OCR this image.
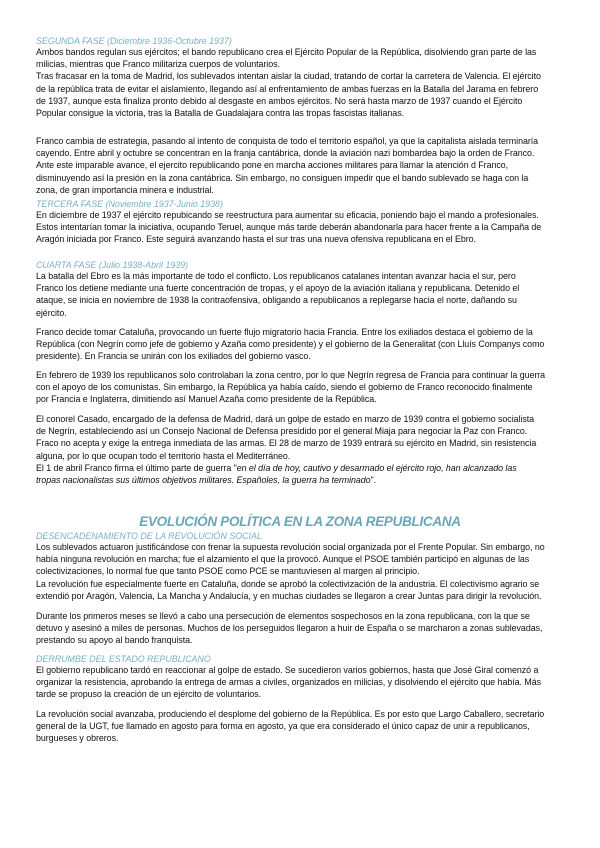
SEGUNDA FASE (Diciembre 1936-Octubre 1937)
Ambos bandos regulan sus ejércitos; el bando republicano crea el Ejército Popular de la República, disolviendo gran parte de las
milicias, mientras que Franco militariza cuerpos de voluntarios.
Tras fracasar en la toma de Madrid, los sublevados intentan aislar la ciudad, tratando de cortar la carretera de Valencia. El ejército
de la república trata de evitar el aislamiento, llegando así al enfrentamiento de ambas fuerzas en la Batalla del Jarama en febrero
de 1937, aunque esta finaliza pronto debido al desgaste en ambos ejércitos. No será hasta marzo de 1937 cuando el Ejército
Popular consigue la victoria, tras la Batalla de Guadalajara contra las tropas fascistas italianas.
Franco cambia de estrategia, pasando al intento de conquista de todo el territorio español, ya que la capitalista aislada terminaría
cayendo. Entre abril y octubre se concentran en la franja cantábrica, donde la aviación nazi bombardea bajo la orden de Franco.
Ante este imparable avance, el ejercito republicando pone en marcha acciones militares para llamar la atención d Franco,
disminuyendo así la presión en la zona cantábrica. Sin embargo, no consiguen impedir que el bando sublevado se haga con la
zona, de gran importancia minera e industrial.
TERCERA FASE (Noviembre 1937-Junio 1938)
En diciembre de 1937 el ejército repubicando se reestructura para aumentar su eficacia, poniendo bajo el mando a profesionales.
Estos intentarían tomar la iniciativa, ocupando Teruel, aunque más tarde deberán abandonarla para hacer frente a la Campaña de
Aragón iniciada por Franco. Este seguirá avanzando hasta el sur tras una nueva ofensiva republicana en el Ebro.
CUARTA FASE (Julio 1938-Abril 1939)
La batalla del Ebro es la más importante de todo el conflicto. Los republicanos catalanes intentan avanzar hacia el sur, pero
Franco los detiene mediante una fuerte concentración de tropas, y el apoyo de la aviación italiana y republicana. Detenido el
ataque, se inicia en noviembre de 1938 la contraofensiva, obligando a republicanos a replegarse hacia el norte, dañando su
ejército.
Franco decide tomar Cataluña, provocando un fuerte flujo migratorio hacia Francia. Entre los exiliados destaca el gobierno de la
República (con Negrín como jefe de gobierno y Azaña como presidente) y el gobierno de la Generalitat (con Lluís Companys como
presidente). En Francia se unirán con los exiliados del gobierno vasco.
En febrero de 1939 los republicanos solo controlaban la zona centro, por lo que Negrín regresa de Francia para continuar la guerra
con el apoyo de los comunistas. Sin embargo, la República ya había caído, siendo el gobierno de Franco reconocido finalmente
por Francia e Inglaterra, dimitiendo así Manuel Azaña como presidente de la República.
El conorel Casado, encargado de la defensa de Madrid, dará un golpe de estado en marzo de 1939 contra el gobierno socialista
de Negrín, estableciendo así un Consejo Nacional de Defensa presidido por el general Miaja para negociar la Paz con Franco.
Fraco no acepta y exige la entrega inmediata de las armas. El 28 de marzo de 1939 entrará su ejército en Madrid, sin resistencia
alguna, por lo que ocupan todo el territorio hasta el Mediterráneo.
El 1 de abril Franco firma el último parte de guerra "en el día de hoy, cautivo y desarmado el ejército rojo, han alcanzado las
tropas nacionalistas sus últimos objetivos militares. Españoles, la guerra ha terminado".
EVOLUCIÓN POLÍTICA EN LA ZONA REPUBLICANA
DESENCADENAMIENTO DE LA REVOLUCIÓN SOCIAL
Los sublevados actuaron justificándose con frenar la supuesta revolución social organizada por el Frente Popular. Sin embargo, no
había ninguna revolución en marcha; fue el alzamiento el que la provocó. Aunque el PSOE también participó en algunas de las
colectivizaciones, lo normal fue que tanto PSOE como PCE se mantuviesen al margen al principio.
La revolución fue especialmente fuerte en Cataluña, donde se aprobó la colectivización de la andustria. El colectivismo agrario se
extendió por Aragón, Valencia, La Mancha y Andalucía, y en muchas ciudades se llegaron a crear Juntas para dirigir la revolución.
Durante los primeros meses se llevó a cabo una persecución de elementos sospechosos en la zona republicana, con la que se
detuvo y asesinó a miles de personas. Muchos de los perseguidos llegaron a huir de España o se marcharon a zonas sublevadas,
prestando su apoyo al bando franquista.
DERRUMBE DEL ESTADO REPUBLICANO
El gobierno republicano tardó en reaccionar al golpe de estado. Se sucedieron varios gobiernos, hasta que José Giral comenzó a
organizar la resistencia, aprobando la entrega de armas a civiles, organizados en milicias, y disolviendo el ejército que había. Más
tarde se propuso la creación de un ejército de voluntarios.
La revolución social avanzaba, produciendo el desplome del gobierno de la República. Es por esto que Largo Caballero, secretario
general de la UGT, fue llamado en agosto para forma en agosto, ya que era considerado el único capaz de unir a republicanos,
burgueses y obreros.
